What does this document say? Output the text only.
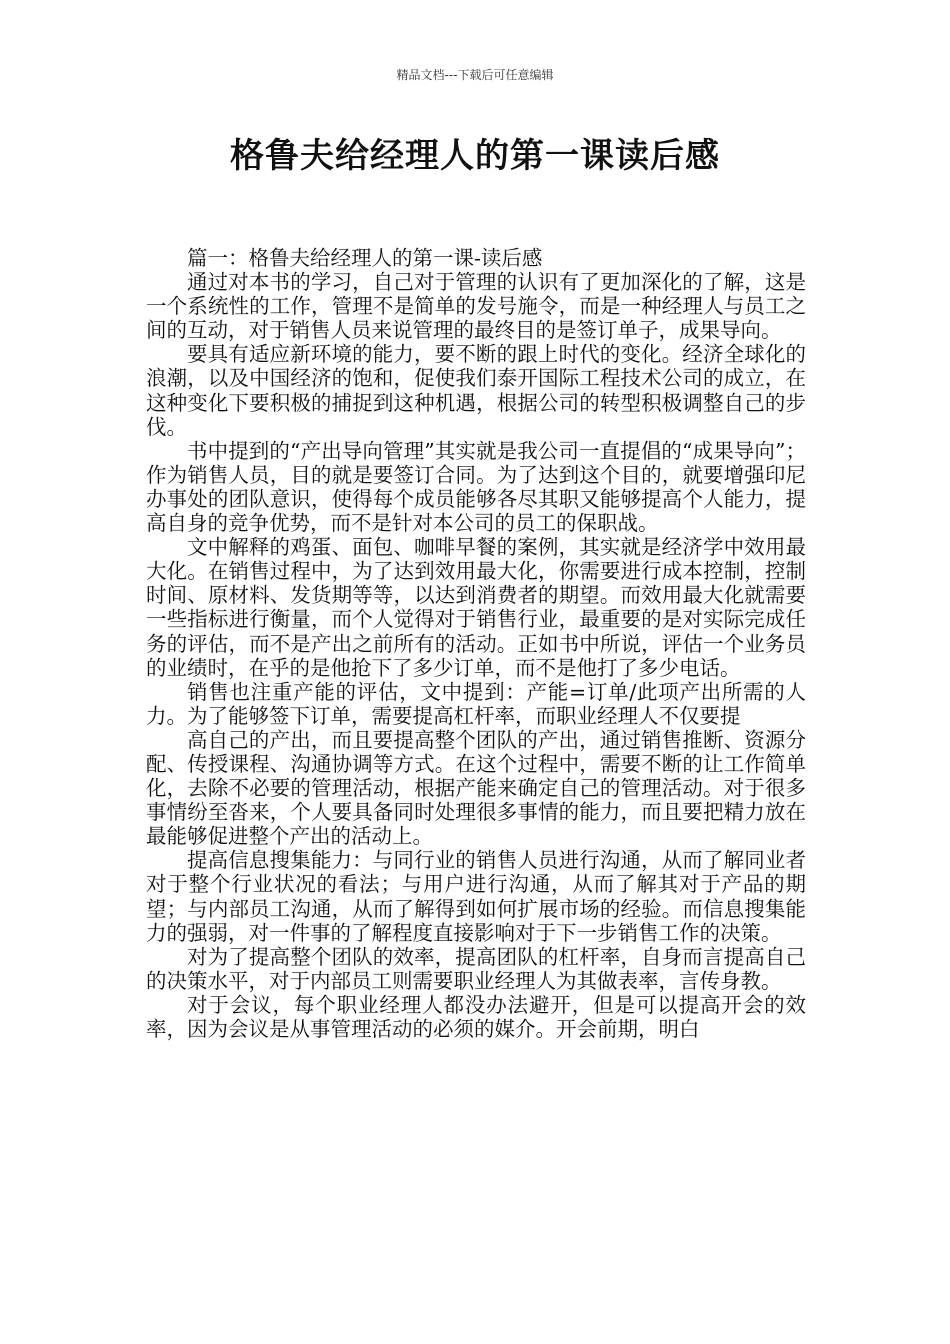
精品文档---下载后可任意编辑
格鲁夫给经理人的第一课读后感

篇一：格鲁夫给经理人的第一课-读后感

通过对本书的学习，自己对于管理的认识有了更加深化的了解，这是一个系统性的工作，管理不是简单的发号施令，而是一种经理人与员工之间的互动，对于销售人员来说管理的最终目的是签订单子，成果导向。

要具有适应新环境的能力，要不断的跟上时代的变化。经济全球化的浪潮，以及中国经济的饱和，促使我们泰开国际工程技术公司的成立，在这种变化下要积极的捕捉到这种机遇，根据公司的转型积极调整自己的步伐。

书中提到的“产出导向管理”其实就是我公司一直提倡的“成果导向”；作为销售人员，目的就是要签订合同。为了达到这个目的，就要增强印尼办事处的团队意识，使得每个成员能够各尽其职又能够提高个人能力，提高自身的竞争优势，而不是针对本公司的员工的保职战。

文中解释的鸡蛋、面包、咖啡早餐的案例，其实就是经济学中效用最大化。在销售过程中，为了达到效用最大化，你需要进行成本控制，控制时间、原材料、发货期等等，以达到消费者的期望。而效用最大化就需要一些指标进行衡量，而个人觉得对于销售行业，最重要的是对实际完成任务的评估，而不是产出之前所有的活动。正如书中所说，评估一个业务员的业绩时，在乎的是他抢下了多少订单，而不是他打了多少电话。

销售也注重产能的评估，文中提到：产能=订单/此项产出所需的人力。为了能够签下订单，需要提高杠杆率，而职业经理人不仅要提

高自己的产出，而且要提高整个团队的产出，通过销售推断、资源分配、传授课程、沟通协调等方式。在这个过程中，需要不断的让工作简单化，去除不必要的管理活动，根据产能来确定自己的管理活动。对于很多事情纷至沓来，个人要具备同时处理很多事情的能力，而且要把精力放在最能够促进整个产出的活动上。

提高信息搜集能力：与同行业的销售人员进行沟通，从而了解同业者对于整个行业状况的看法；与用户进行沟通，从而了解其对于产品的期望；与内部员工沟通，从而了解得到如何扩展市场的经验。而信息搜集能力的强弱，对一件事的了解程度直接影响对于下一步销售工作的决策。

对为了提高整个团队的效率，提高团队的杠杆率，自身而言提高自己的决策水平，对于内部员工则需要职业经理人为其做表率，言传身教。

对于会议，每个职业经理人都没办法避开，但是可以提高开会的效率，因为会议是从事管理活动的必须的媒介。开会前期，明白
